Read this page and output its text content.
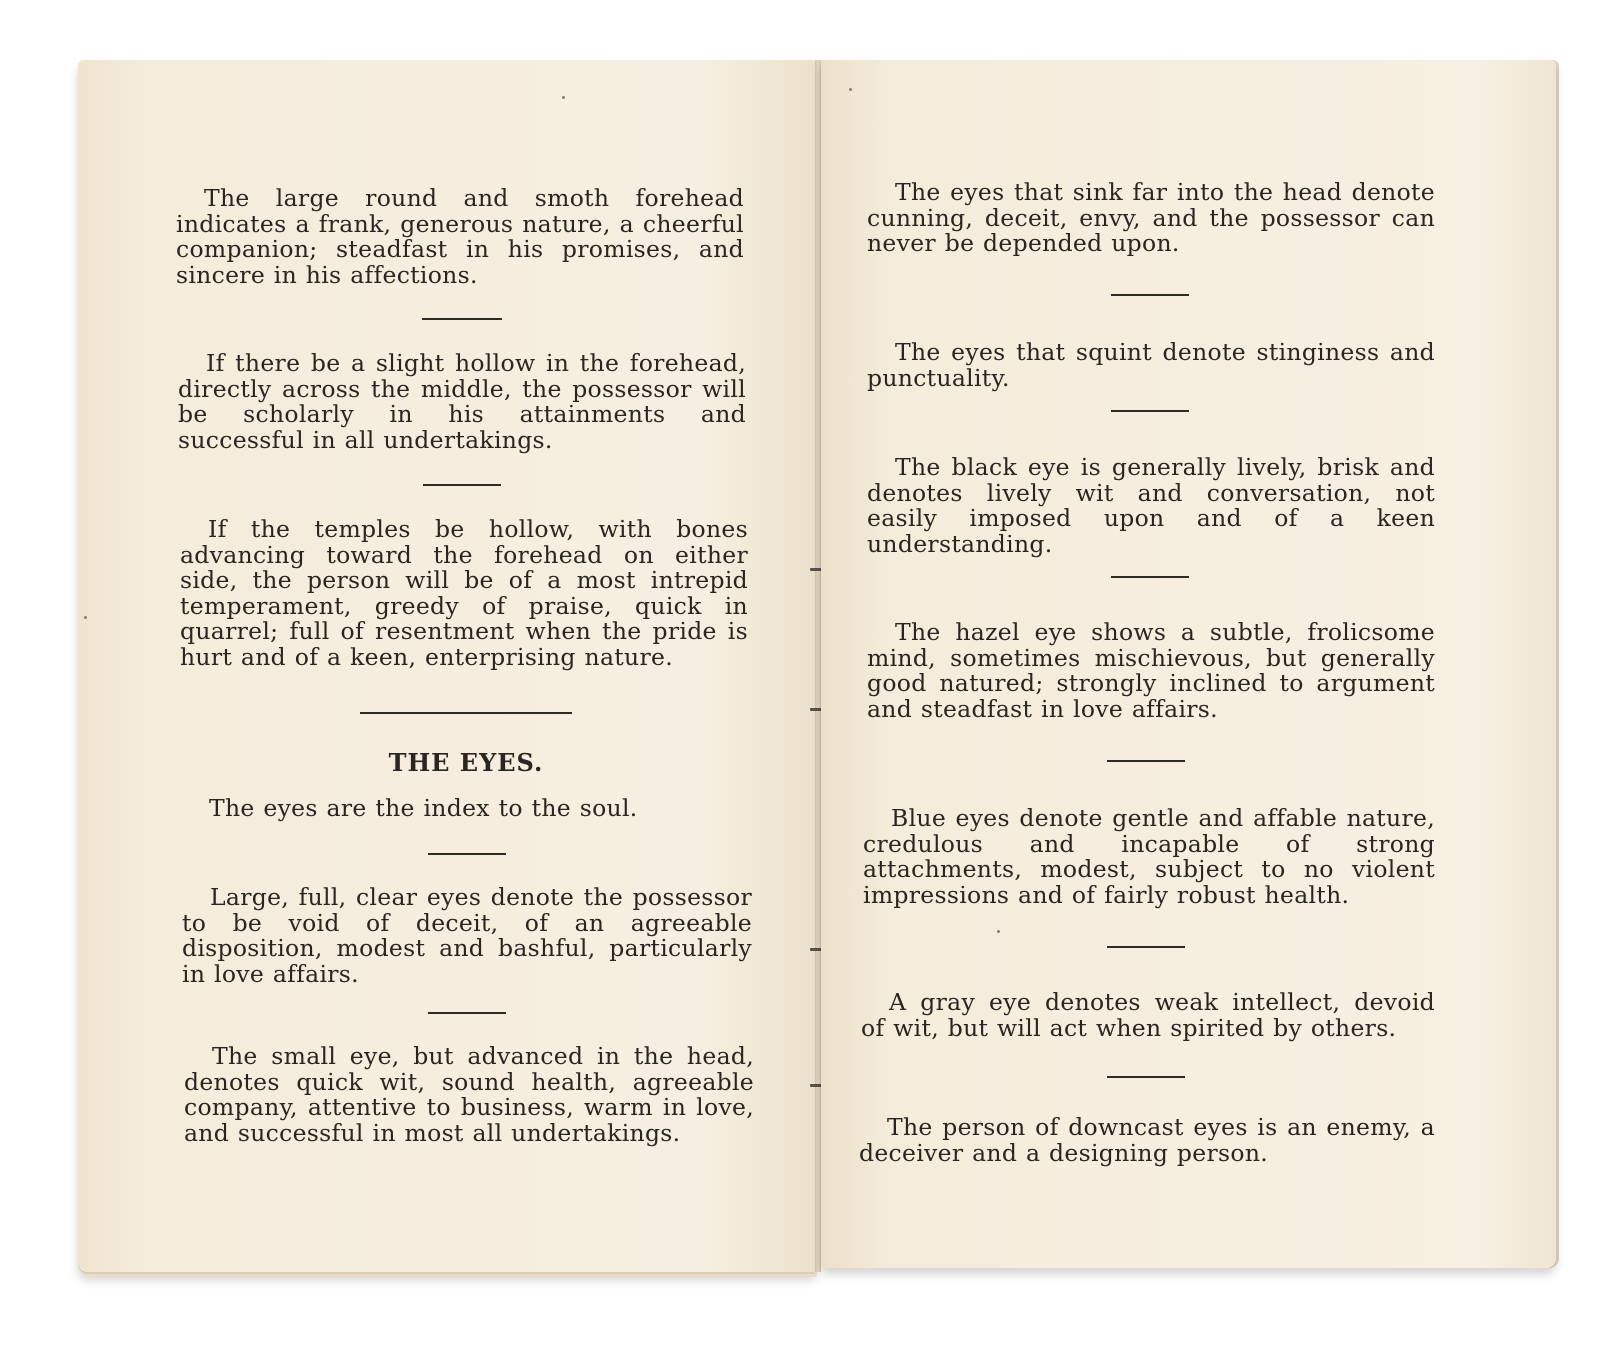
The large round and smoth forehead indicates a frank, generous nature, a cheerful companion; steadfast in his promises, and sincere in his affections.

If there be a slight hollow in the forehead, directly across the middle, the possessor will be scholarly in his attainments and successful in all undertakings.

If the temples be hollow, with bones advancing toward the forehead on either side, the person will be of a most intrepid temperament, greedy of praise, quick in quarrel; full of resentment when the pride is hurt and of a keen, enterprising nature.

THE EYES.

The eyes are the index to the soul.

Large, full, clear eyes denote the possessor to be void of deceit, of an agreeable disposition, modest and bashful, particularly in love affairs.

The small eye, but advanced in the head, denotes quick wit, sound health, agreeable company, attentive to business, warm in love, and successful in most all undertakings.

The eyes that sink far into the head denote cunning, deceit, envy, and the possessor can never be depended upon.

The eyes that squint denote stinginess and punctuality.

The black eye is generally lively, brisk and denotes lively wit and conversation, not easily imposed upon and of a keen understanding.

The hazel eye shows a subtle, frolicsome mind, sometimes mischievous, but generally good natured; strongly inclined to argument and steadfast in love affairs.

Blue eyes denote gentle and affable nature, credulous and incapable of strong attachments, modest, subject to no violent impressions and of fairly robust health.

A gray eye denotes weak intellect, devoid of wit, but will act when spirited by others.

The person of downcast eyes is an enemy, a deceiver and a designing person.
